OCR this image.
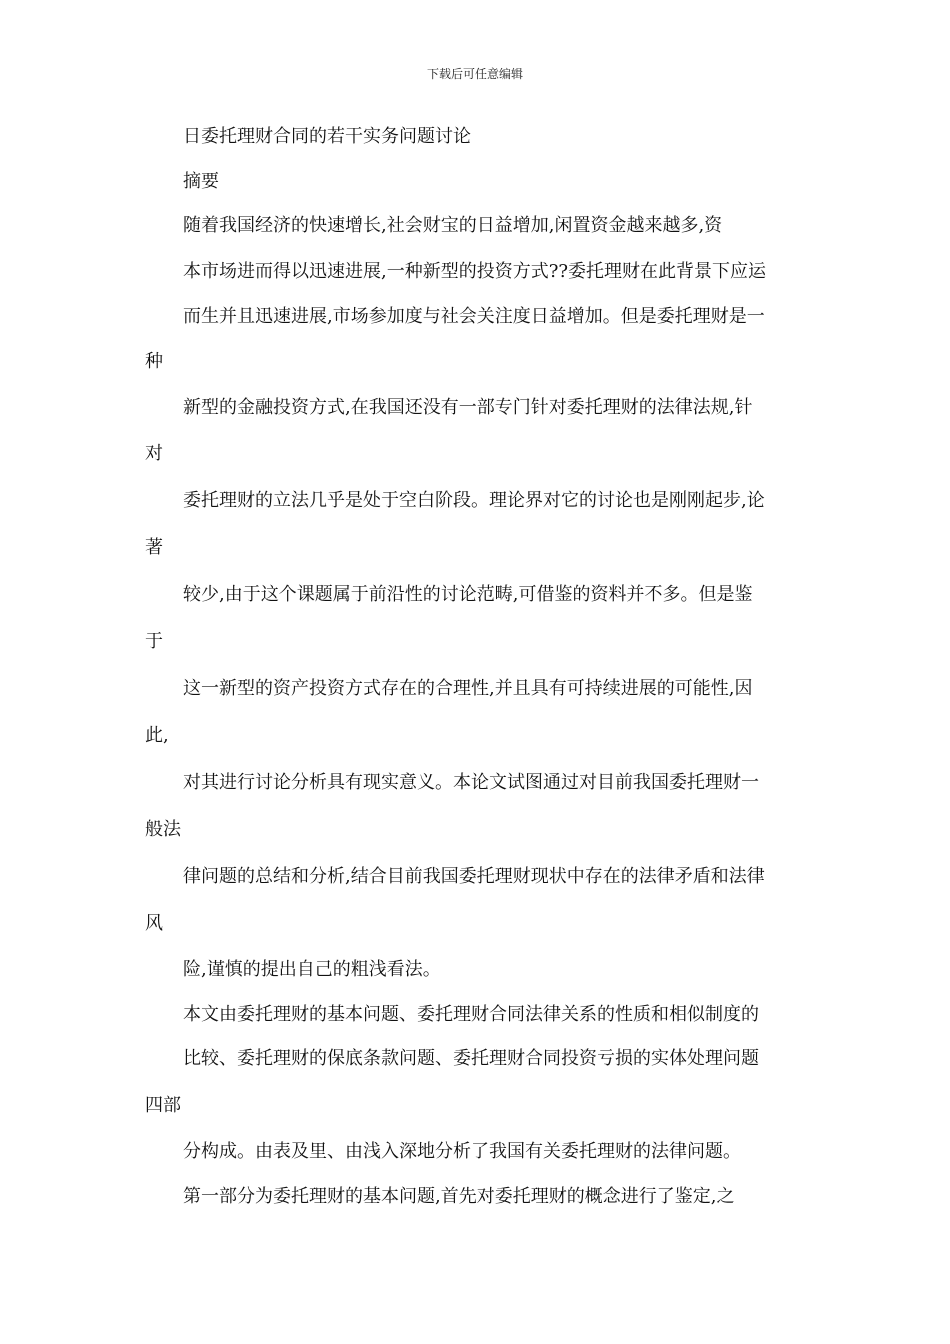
下载后可任意编辑
日委托理财合同的若干实务问题讨论
摘要
随着我国经济的快速增长,社会财宝的日益增加,闲置资金越来越多,资
本市场进而得以迅速进展,一种新型的投资方式??委托理财在此背景下应运
而生并且迅速进展,市场参加度与社会关注度日益增加。但是委托理财是一
种
新型的金融投资方式,在我国还没有一部专门针对委托理财的法律法规,针
对
委托理财的立法几乎是处于空白阶段。理论界对它的讨论也是刚刚起步,论
著
较少,由于这个课题属于前沿性的讨论范畴,可借鉴的资料并不多。但是鉴
于
这一新型的资产投资方式存在的合理性,并且具有可持续进展的可能性,因
此,
对其进行讨论分析具有现实意义。本论文试图通过对目前我国委托理财一
般法
律问题的总结和分析,结合目前我国委托理财现状中存在的法律矛盾和法律
风
险,谨慎的提出自己的粗浅看法。
本文由委托理财的基本问题、委托理财合同法律关系的性质和相似制度的
比较、委托理财的保底条款问题、委托理财合同投资亏损的实体处理问题
四部
分构成。由表及里、由浅入深地分析了我国有关委托理财的法律问题。
第一部分为委托理财的基本问题,首先对委托理财的概念进行了鉴定,之
